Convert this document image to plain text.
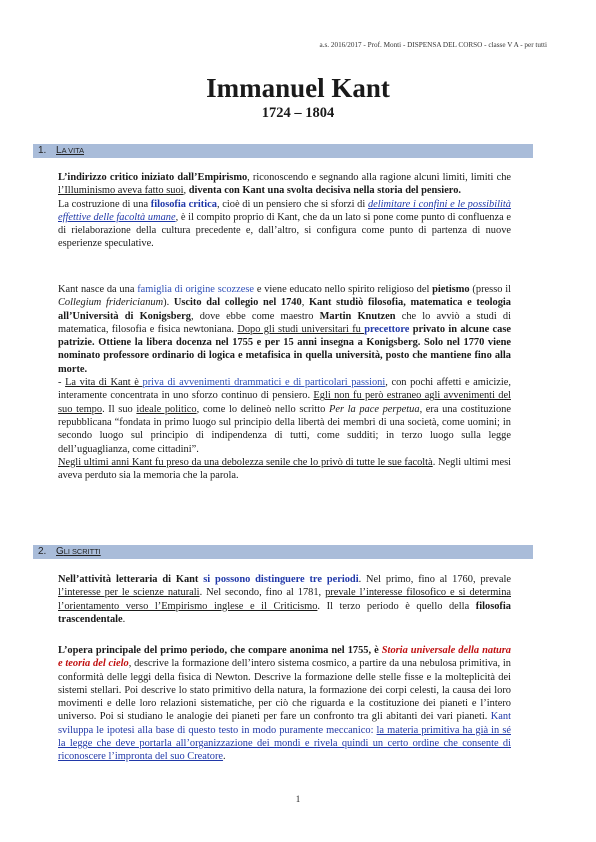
a.s. 2016/2017 - Prof. Monti - DISPENSA DEL CORSO - classe V A - per tutti
Immanuel Kant
1724 – 1804
1. LA VITA

L’indirizzo critico iniziato dall’Empirismo, riconoscendo e segnando alla ragione alcuni limiti, limiti che l’Illuminismo aveva fatto suoi, diventa con Kant una svolta decisiva nella storia del pensiero.

La costruzione di una filosofia critica, cioè di un pensiero che si sforzi di delimitare i confini e le possibilità effettive delle facoltà umane, è il compito proprio di Kant, che da un lato si pone come punto di confluenza e di rielaborazione della cultura precedente e, dall’altro, si configura come punto di partenza di nuove esperienze speculative.

Kant nasce da una famiglia di origine scozzese e viene educato nello spirito religioso del pietismo (presso il Collegium fridericianum). Uscito dal collegio nel 1740, Kant studiò filosofia, matematica e teologia all’Università di Konigsberg, dove ebbe come maestro Martin Knutzen che lo avviò a studi di matematica, filosofia e fisica newtoniana. Dopo gli studi universitari fu precettore privato in alcune case patrizie. Ottiene la libera docenza nel 1755 e per 15 anni insegna a Konigsberg. Solo nel 1770 viene nominato professore ordinario di logica e metafisica in quella università, posto che mantiene fino alla morte.

- La vita di Kant è priva di avvenimenti drammatici e di particolari passioni, con pochi affetti e amicizie, interamente concentrata in uno sforzo continuo di pensiero. Egli non fu però estraneo agli avvenimenti del suo tempo. Il suo ideale politico, come lo delineò nello scritto Per la pace perpetua, era una costituzione repubblicana “fondata in primo luogo sul principio della libertà dei membri di una società, come uomini; in secondo luogo sul principio di indipendenza di tutti, come sudditi; in terzo luogo sulla legge dell’uguaglianza, come cittadini”.

Negli ultimi anni Kant fu preso da una debolezza senile che lo privò di tutte le sue facoltà. Negli ultimi mesi aveva perduto sia la memoria che la parola.

2. GLI SCRITTI

Nell’attività letteraria di Kant si possono distinguere tre periodi. Nel primo, fino al 1760, prevale l’interesse per le scienze naturali. Nel secondo, fino al 1781, prevale l’interesse filosofico e si determina l’orientamento verso l’Empirismo inglese e il Criticismo. Il terzo periodo è quello della filosofia trascendentale.

L’opera principale del primo periodo, che compare anonima nel 1755, è Storia universale della natura e teoria del cielo, descrive la formazione dell’intero sistema cosmico, a partire da una nebulosa primitiva, in conformità delle leggi della fisica di Newton. Descrive la formazione delle stelle fisse e la molteplicità dei sistemi stellari. Poi descrive lo stato primitivo della natura, la formazione dei corpi celesti, la causa dei loro movimenti e delle loro relazioni sistematiche, per ciò che riguarda e la costituzione dei pianeti e l’intero universo. Poi si studiano le analogie dei pianeti per fare un confronto tra gli abitanti dei vari pianeti. Kant sviluppa le ipotesi alla base di questo testo in modo puramente meccanico: la materia primitiva ha già in sé la legge che deve portarla all’organizzazione dei mondi e rivela quindi un certo ordine che consente di riconoscere l’impronta del suo Creatore.

1
